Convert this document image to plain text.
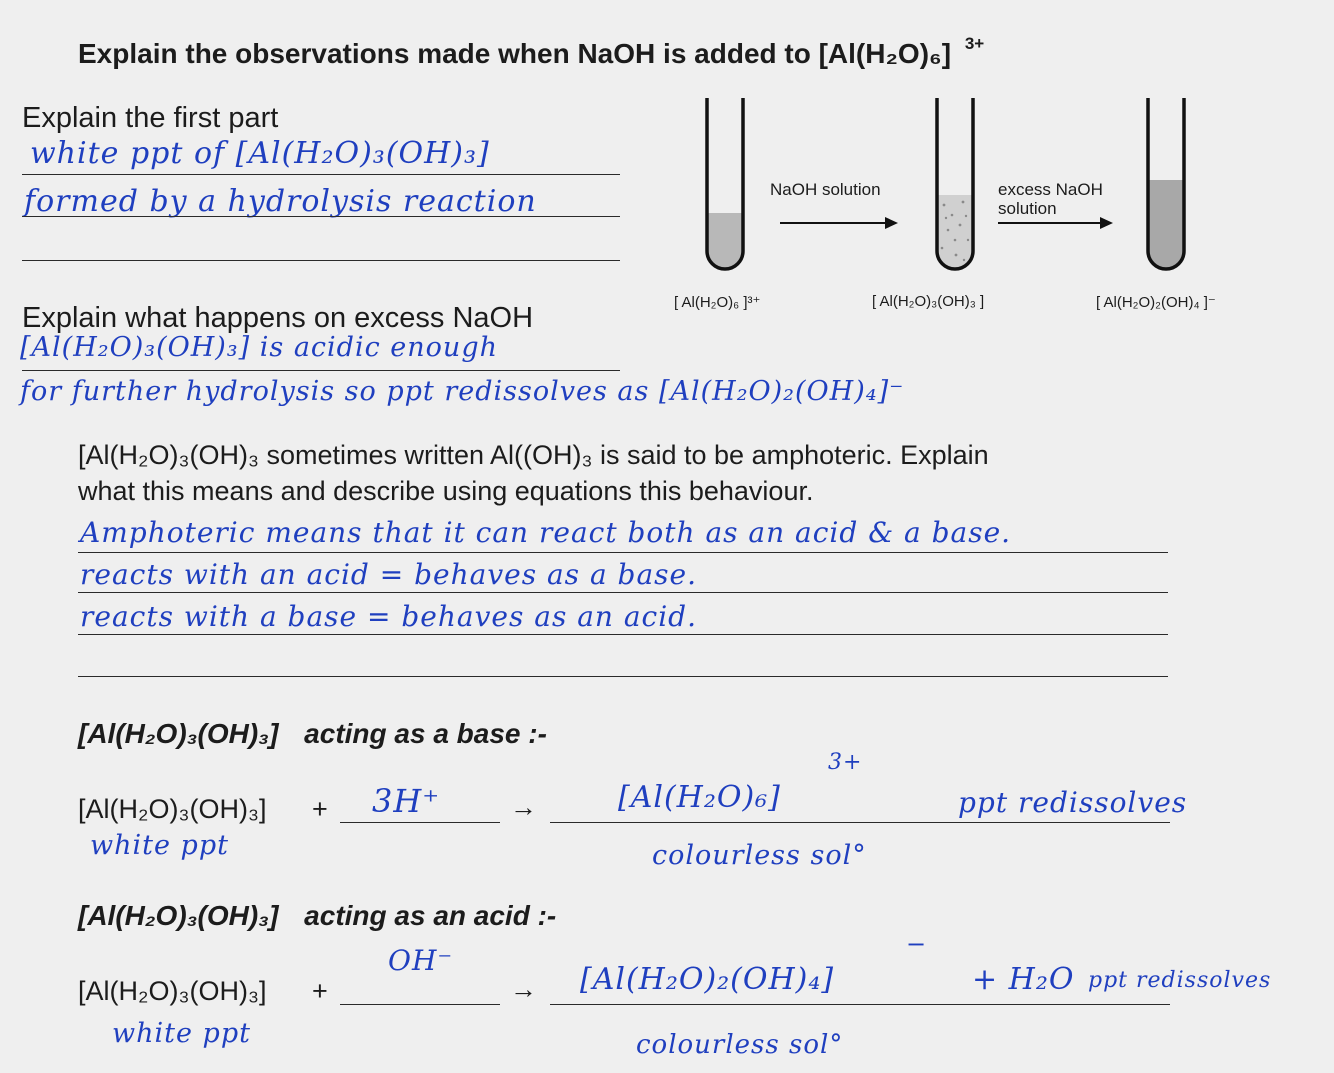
Explain the observations made when NaOH is added to [Al(H₂O)₆] $^{3+}$
Explain the first part
white ppt of [Al(H₂O)₃(OH)₃]
formed by a hydrolysis reaction	NaOH solution	excess NaOH
solution
[ Al(H₂O)₆ ]³⁺	[ Al(H₂O)₃(OH)₃ ]	[ Al(H₂O)₂(OH)₄ ]⁻
Explain what happens on excess NaOH
[Al(H₂O)₃(OH)₃] is acidic enough
for further hydrolysis so ppt redissolves as [Al(H₂O)₂(OH)₄]⁻
[Al(H₂O)₃(OH)₃ sometimes written Al((OH)₃ is said to be amphoteric. Explain
what this means and describe using equations this behaviour.
Amphoteric means that it can react both as an acid & a base.
reacts with an acid = behaves as a base.
reacts with a base = behaves as an acid.
[Al(H₂O)₃(OH)₃] acting as a base :-
[Al(H₂O)₃(OH)₃] + 3H⁺	→	[Al(H₂O)₆]
3+
ppt redissolves
white ppt	colourless sol°
[Al(H₂O)₃(OH)₃] acting as an acid :-
OH⁻
[Al(H₂O)₃(OH)₃] +	→ [Al(H₂O)₂(OH)₄]
−
+ H₂O ppt redissolves
white ppt	colourless sol°
